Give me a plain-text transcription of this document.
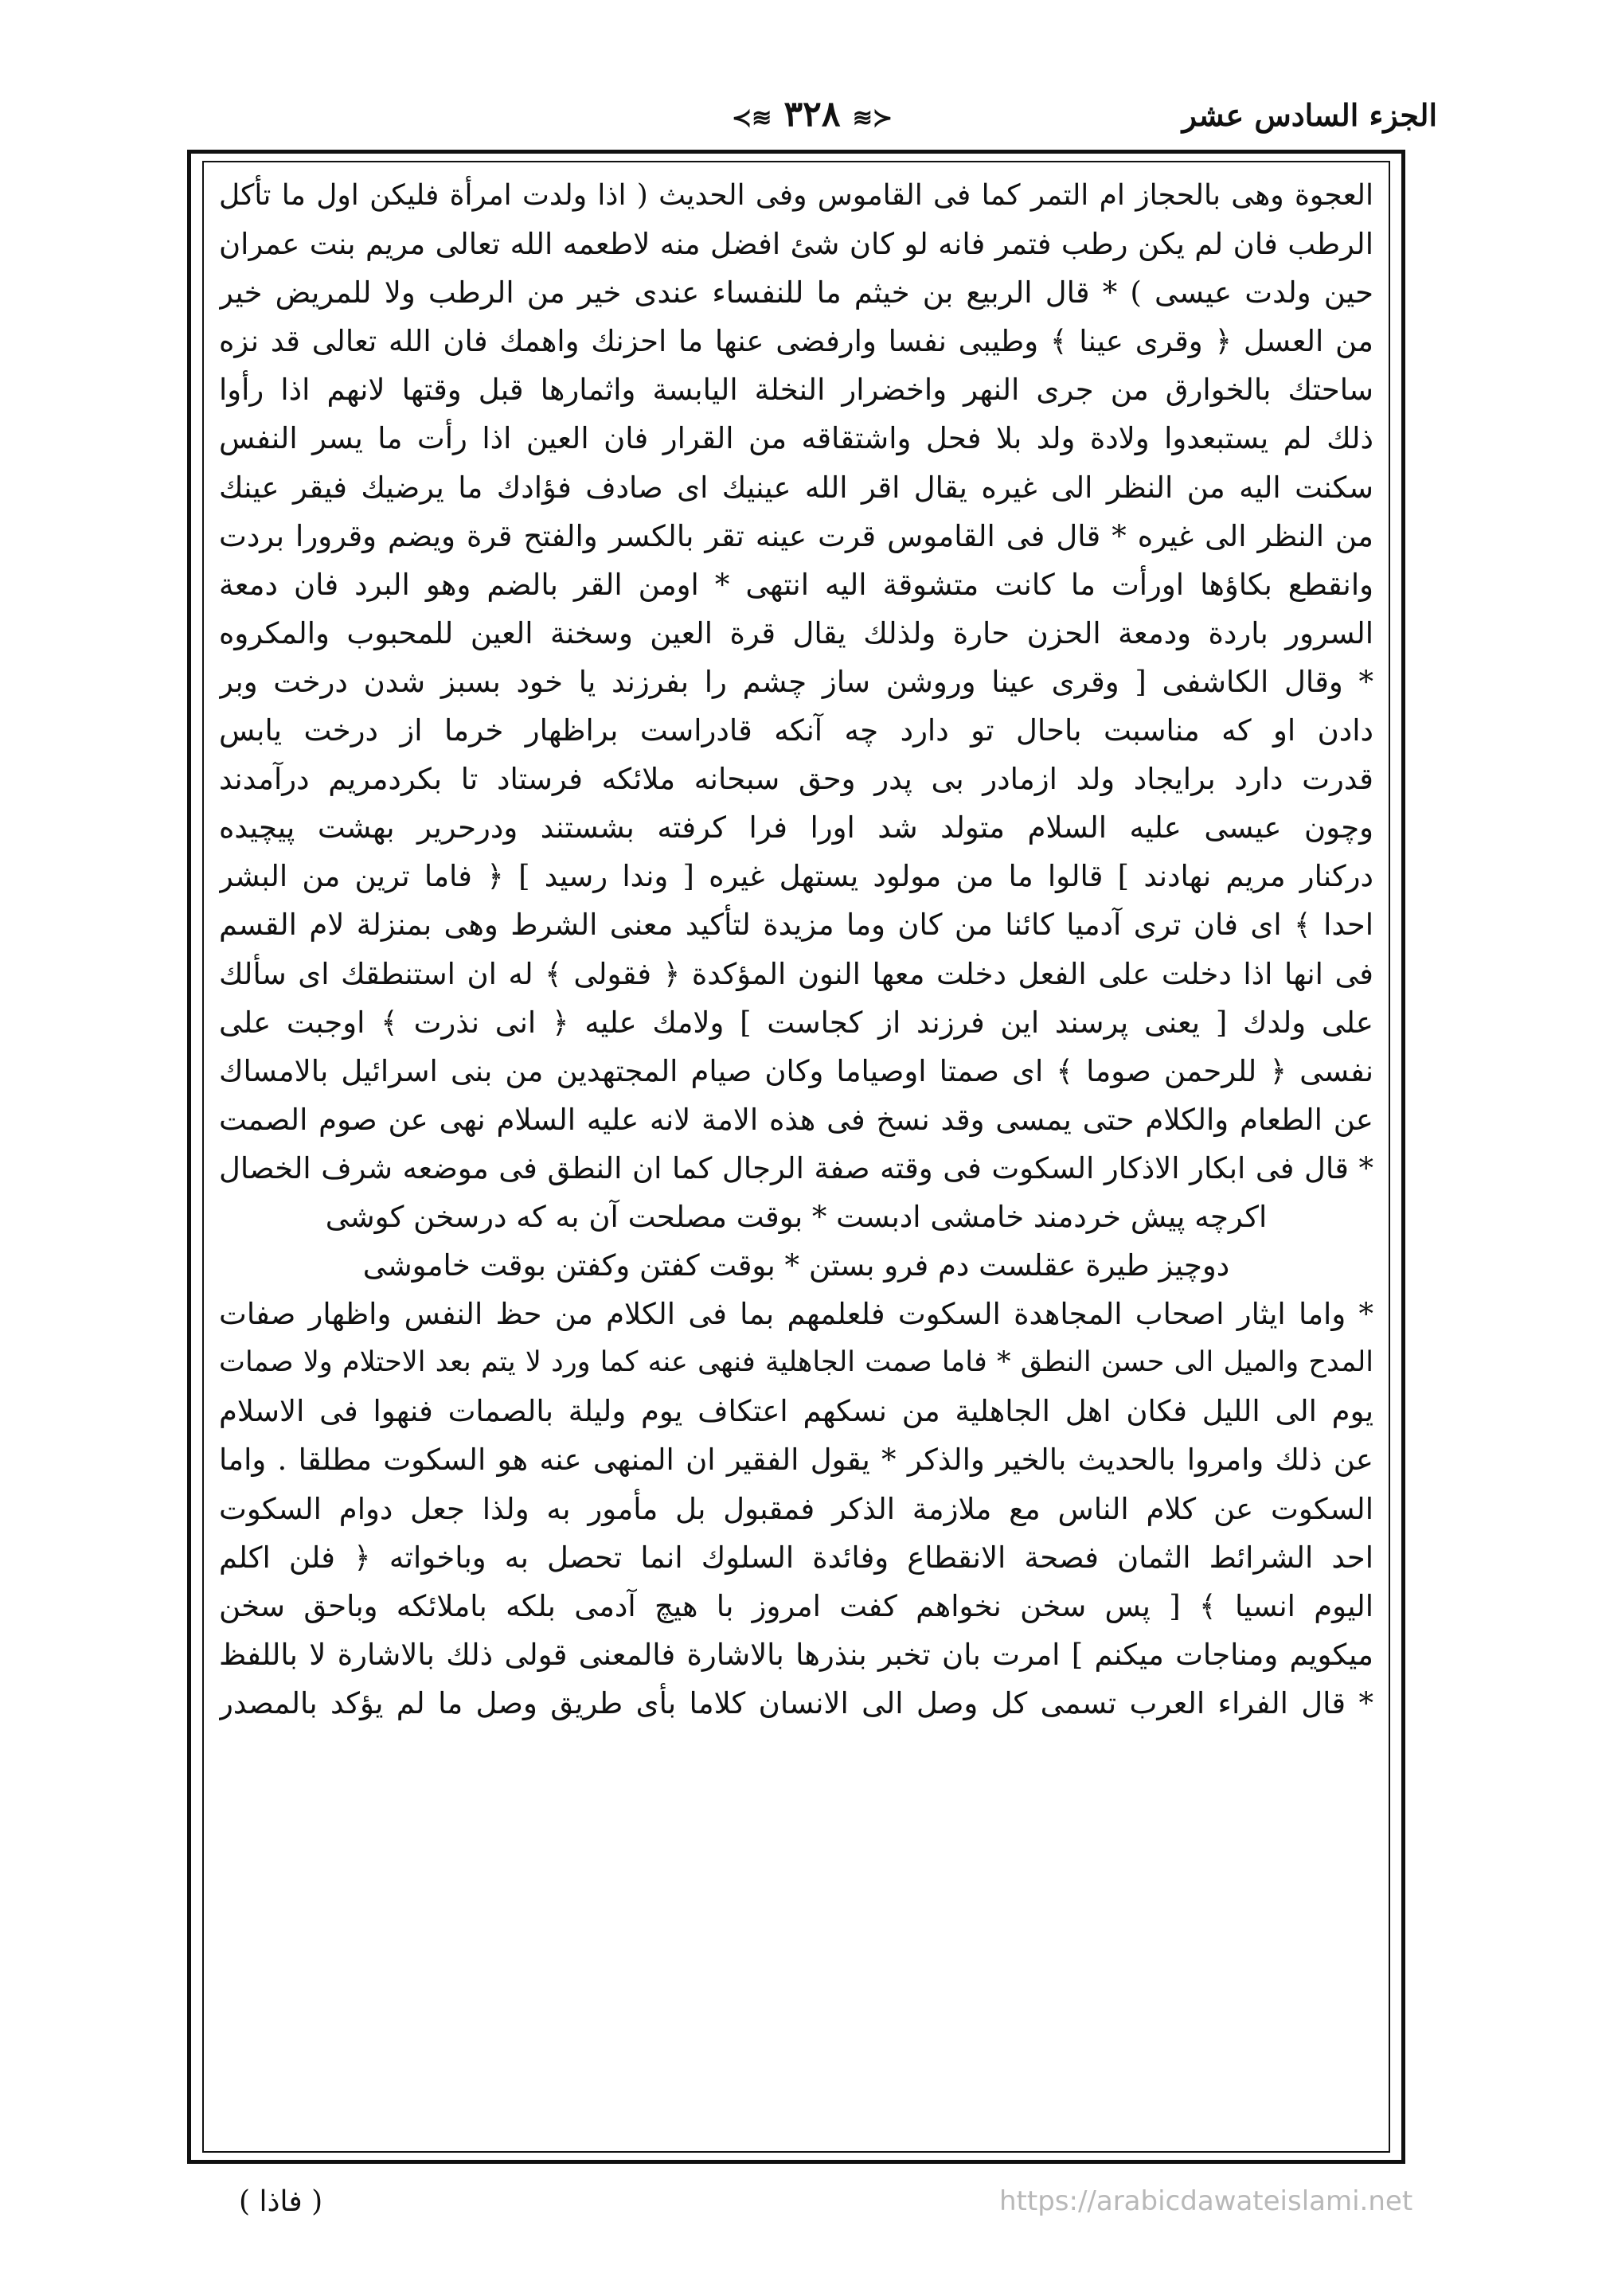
الجزء السادس عشر
≺≋ ٣٢٨ ≋≻
العجوة وهى بالحجاز ام التمر كما فى القاموس وفى الحديث ( اذا ولدت امرأة فليكن اول ما تأكل
الرطب فان لم يكن رطب فتمر فانه لو كان شئ افضل منه لاطعمه الله تعالى مريم بنت عمران
حين ولدت عيسى ) * قال الربيع بن خيثم ما للنفساء عندى خير من الرطب ولا للمريض خير
من العسل ﴿ وقرى عينا ﴾ وطيبى نفسا وارفضى عنها ما احزنك واهمك فان الله تعالى قد نزه
ساحتك بالخوارق من جرى النهر واخضرار النخلة اليابسة واثمارها قبل وقتها لانهم اذا رأوا
ذلك لم يستبعدوا ولادة ولد بلا فحل واشتقاقه من القرار فان العين اذا رأت ما يسر النفس
سكنت اليه من النظر الى غيره يقال اقر الله عينيك اى صادف فؤادك ما يرضيك فيقر عينك
من النظر الى غيره * قال فى القاموس قرت عينه تقر بالكسر والفتح قرة ويضم وقرورا بردت
وانقطع بكاؤها اورأت ما كانت متشوقة اليه انتهى * اومن القر بالضم وهو البرد فان دمعة
السرور باردة ودمعة الحزن حارة ولذلك يقال قرة العين وسخنة العين للمحبوب والمكروه
* وقال الكاشفى [ وقرى عينا وروشن ساز چشم را بفرزند يا خود بسبز شدن درخت وبر
دادن او كه مناسبت باحال تو دارد چه آنكه قادراست براظهار خرما از درخت يابس
قدرت دارد برايجاد ولد ازمادر بى پدر وحق سبحانه ملائكه فرستاد تا بكردمريم درآمدند
وچون عيسى عليه السلام متولد شد اورا فرا كرفته بشستند ودرحرير بهشت پيچيده
دركنار مريم نهادند ] قالوا ما من مولود يستهل غيره [ وندا رسيد ] ﴿ فاما ترين من البشر
احدا ﴾ اى فان ترى آدميا كائنا من كان وما مزيدة لتأكيد معنى الشرط وهى بمنزلة لام القسم
فى انها اذا دخلت على الفعل دخلت معها النون المؤكدة ﴿ فقولى ﴾ له ان استنطقك اى سألك
على ولدك [ يعنى پرسند اين فرزند از كجاست ] ولامك عليه ﴿ انى نذرت ﴾ اوجبت على
نفسى ﴿ للرحمن صوما ﴾ اى صمتا اوصياما وكان صيام المجتهدين من بنى اسرائيل بالامساك
عن الطعام والكلام حتى يمسى وقد نسخ فى هذه الامة لانه عليه السلام نهى عن صوم الصمت
* قال فى ابكار الاذكار السكوت فى وقته صفة الرجال كما ان النطق فى موضعه شرف الخصال
اكرچه پيش خردمند خامشى ادبست * بوقت مصلحت آن به كه درسخن كوشى
دوچيز طيرة عقلست دم فرو بستن * بوقت كفتن وكفتن بوقت خاموشى
* واما ايثار اصحاب المجاهدة السكوت فلعلمهم بما فى الكلام من حظ النفس واظهار صفات
المدح والميل الى حسن النطق * فاما صمت الجاهلية فنهى عنه كما ورد لا يتم بعد الاحتلام ولا صمات
يوم الى الليل فكان اهل الجاهلية من نسكهم اعتكاف يوم وليلة بالصمات فنهوا فى الاسلام
عن ذلك وامروا بالحديث بالخير والذكر * يقول الفقير ان المنهى عنه هو السكوت مطلقا . واما
السكوت عن كلام الناس مع ملازمة الذكر فمقبول بل مأمور به ولذا جعل دوام السكوت
احد الشرائط الثمان فصحة الانقطاع وفائدة السلوك انما تحصل به وباخواته ﴿ فلن اكلم
اليوم انسيا ﴾ [ پس سخن نخواهم كفت امروز با هيچ آدمى بلكه باملائكه وباحق سخن
ميكويم ومناجات ميكنم ] امرت بان تخبر بنذرها بالاشارة فالمعنى قولى ذلك بالاشارة لا باللفظ
* قال الفراء العرب تسمى كل وصل الى الانسان كلاما بأى طريق وصل ما لم يؤكد بالمصدر
( فاذا )	https://arabicdawateislami.net
